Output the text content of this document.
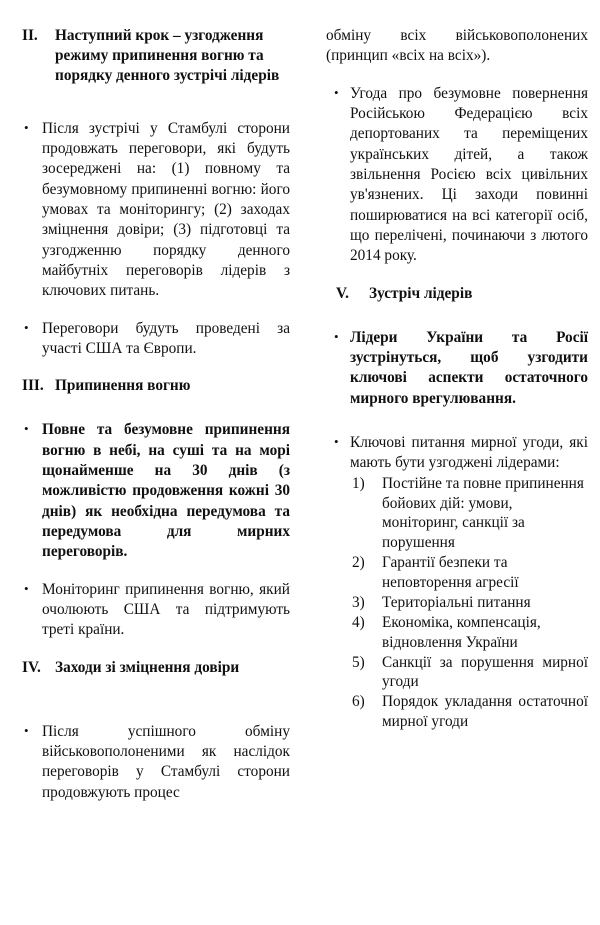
II.	Наступний крок – узгодження режиму припинення вогню та порядку денного зустрічі лідерів
• Після зустрічі у Стамбулі сторони продовжать переговори, які будуть зосереджені на: (1) повному та безумовному припиненні вогню: його умовах та моніторингу; (2) заходах зміцнення довіри; (3) підготовці та узгодженню порядку денного майбутніх переговорів лідерів з ключових питань.
• Переговори будуть проведені за участі США та Європи.
III. Припинення вогню
• Повне та безумовне припинення вогню в небі, на суші та на морі щонайменше на 30 днів (з можливістю продовження кожні 30 днів) як необхідна передумова та передумова для мирних переговорів.
• Моніторинг припинення вогню, який очолюють США та підтримують треті країни.
IV. Заходи зі зміцнення довіри
• Після успішного обміну військовополоненими як наслідок переговорів у Стамбулі сторони продовжують процес
обміну всіх військовополонених (принцип «всіх на всіх»).
• Угода про безумовне повернення Російською Федерацією всіх депортованих та переміщених українських дітей, а також звільнення Росією всіх цивільних ув'язнених. Ці заходи повинні поширюватися на всі категорії осіб, що перелічені, починаючи з лютого 2014 року.
V.	Зустріч лідерів
• Лідери України та Росії зустрінуться, щоб узгодити ключові аспекти остаточного мирного врегулювання.
• Ключові питання мирної угоди, які мають бути узгоджені лідерами:
1)	Постійне та повне припинення бойових дій: умови, моніторинг, санкції за порушення
2)	Гарантії безпеки та неповторення агресії
3)	Територіальні питання
4)	Економіка, компенсація, відновлення України
5)	Санкції за порушення мирної угоди
6)	Порядок укладання остаточної мирної угоди
